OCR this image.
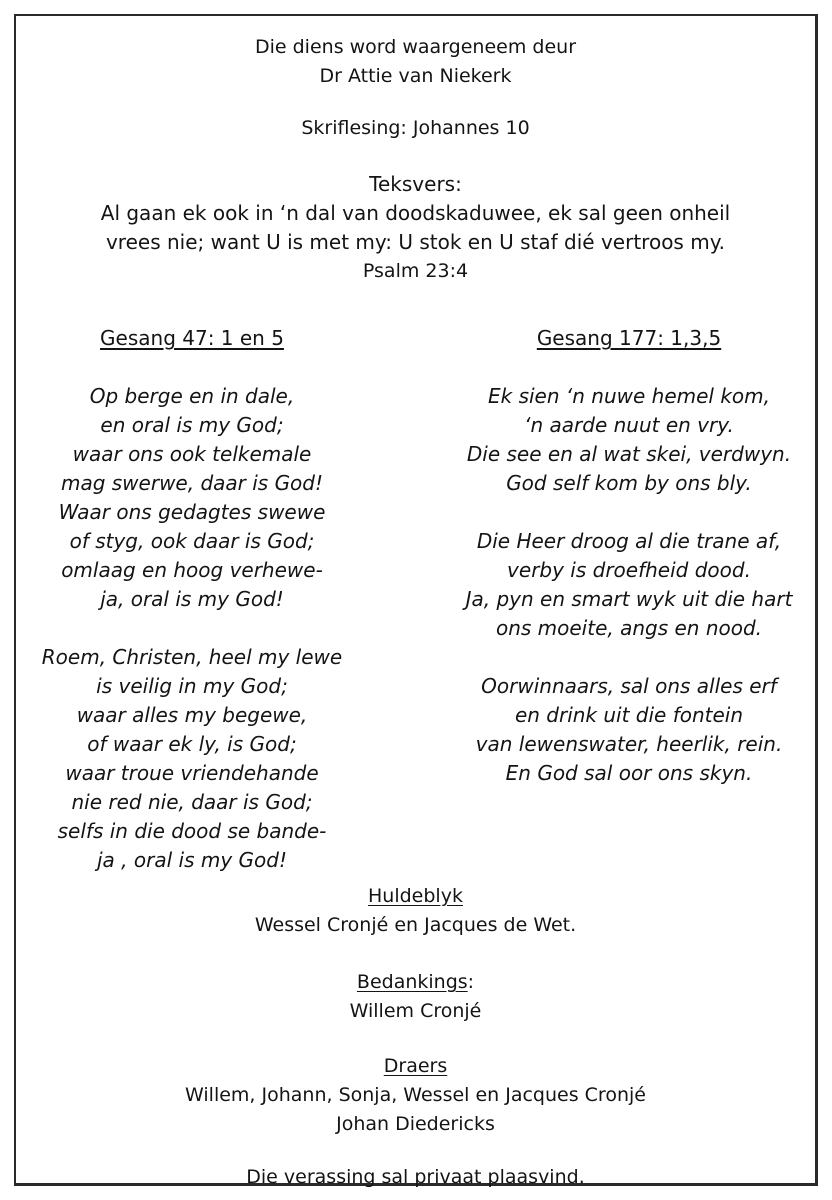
Die diens word waargeneem deur
Dr Attie van Niekerk
Skriflesing: Johannes 10
Teksvers:
Al gaan ek ook in ‘n dal van doodskaduwee, ek sal geen onheil
vrees nie; want U is met my: U stok en U staf dié vertroos my.
Psalm 23:4
Gesang 47: 1 en 5
Op berge en in dale,
en oral is my God;
waar ons ook telkemale
mag swerwe, daar is God!
Waar ons gedagtes swewe
of styg, ook daar is God;
omlaag en hoog verhewe-
ja, oral is my God!
Roem, Christen, heel my lewe
is veilig in my God;
waar alles my begewe,
of waar ek ly, is God;
waar troue vriendehande
nie red nie, daar is God;
selfs in die dood se bande-
ja , oral is my God!
Gesang 177: 1,3,5
Ek sien ‘n nuwe hemel kom,
‘n aarde nuut en vry.
Die see en al wat skei, verdwyn.
God self kom by ons bly.
Die Heer droog al die trane af,
verby is droefheid dood.
Ja, pyn en smart wyk uit die hart
ons moeite, angs en nood.
Oorwinnaars, sal ons alles erf
en drink uit die fontein
van lewenswater, heerlik, rein.
En God sal oor ons skyn.
Huldeblyk
Wessel Cronjé en Jacques de Wet.
Bedankings:
Willem Cronjé
Draers
Willem, Johann, Sonja, Wessel en Jacques Cronjé
Johan Diedericks
Die verassing sal privaat plaasvind.
